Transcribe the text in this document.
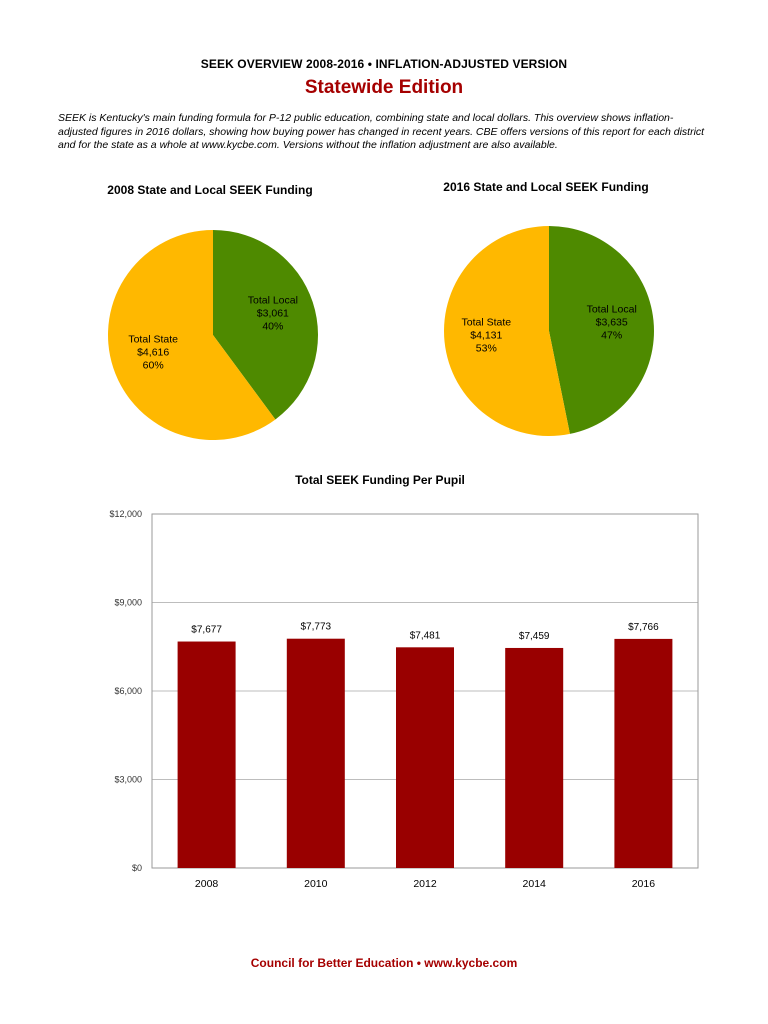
SEEK OVERVIEW 2008-2016 • INFLATION-ADJUSTED VERSION
Statewide Edition
SEEK is Kentucky's main funding formula for P-12 public education, combining state and local dollars. This overview shows inflation-adjusted figures in 2016 dollars, showing how buying power has changed in recent years. CBE offers versions of this report for each district and for the state as a whole at www.kycbe.com. Versions without the inflation adjustment are also available.
2008 State and Local SEEK Funding	2016 State and Local SEEK Funding
Total Local
$3,061
40%
Total State
$4,616
60%
Total Local
$3,635
47%
Total State
$4,131
53%
Total SEEK Funding Per Pupil
$0
$3,000
$6,000
$9,000
$12,000
$7,677
2008
$7,773
2010
$7,481
2012
$7,459
2014
$7,766
2016
Council for Better Education • www.kycbe.com
